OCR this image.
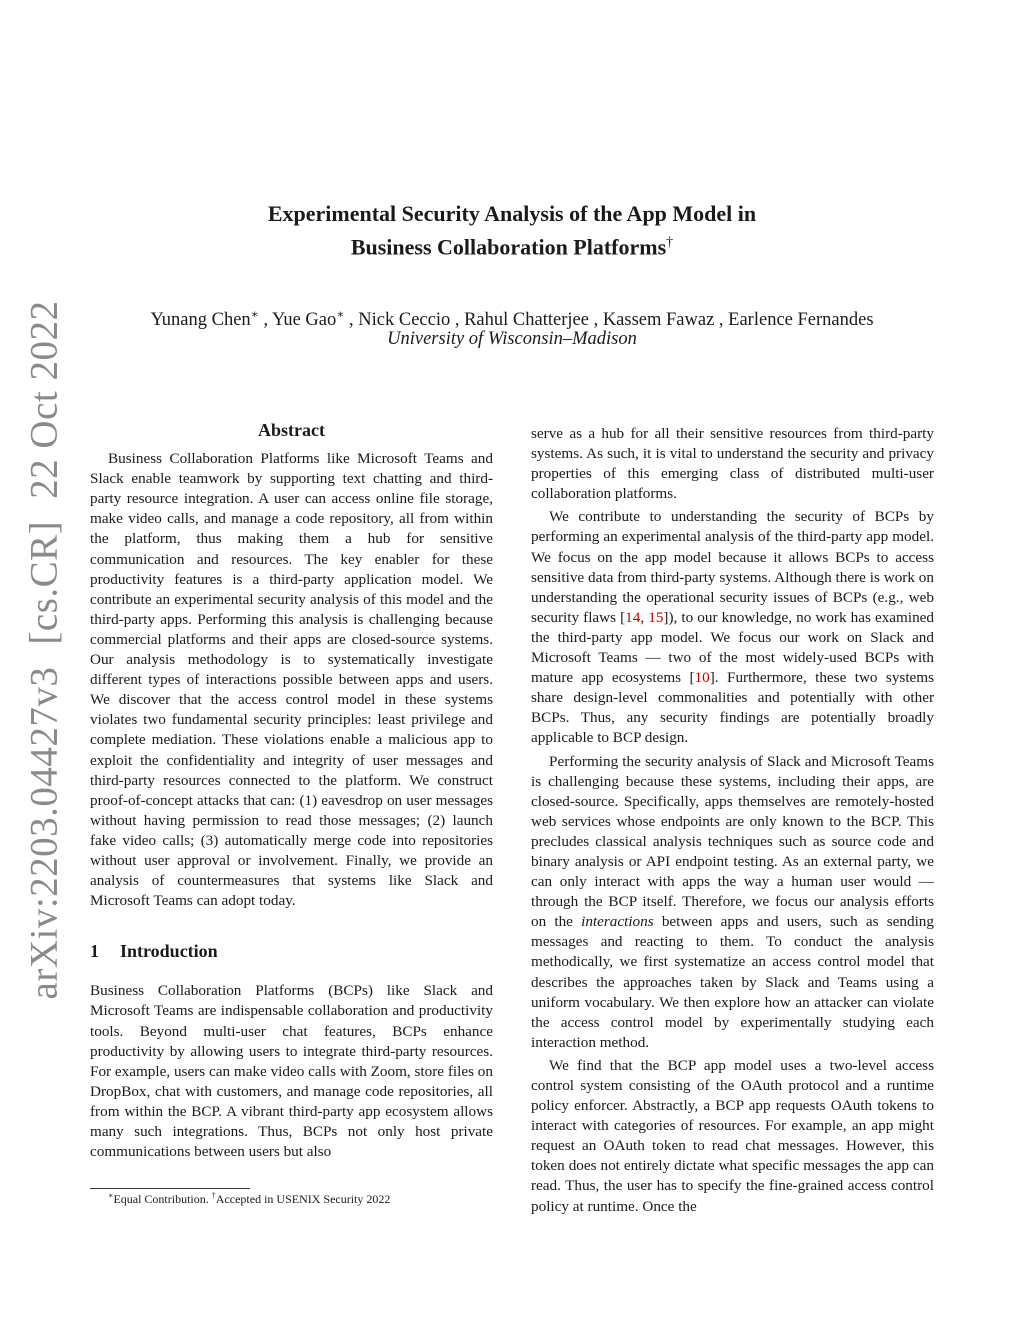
arXiv:2203.04427v3[cs.CR]22 Oct 2022
Experimental Security Analysis of the App Model in
Business Collaboration Platforms†
Yunang Chen∗ , Yue Gao∗ , Nick Ceccio , Rahul Chatterjee , Kassem Fawaz , Earlence Fernandes
University of Wisconsin–Madison
Abstract

Business Collaboration Platforms like Microsoft Teams and Slack enable teamwork by supporting text chatting and third-party resource integration. A user can access online file storage, make video calls, and manage a code repository, all from within the platform, thus making them a hub for sensitive communication and resources. The key enabler for these productivity features is a third-party application model. We contribute an experimental security analysis of this model and the third-party apps. Performing this analysis is challenging because commercial platforms and their apps are closed-source systems. Our analysis methodology is to systematically investigate different types of interactions possible between apps and users. We discover that the access control model in these systems violates two fundamental security principles: least privilege and complete mediation. These violations enable a malicious app to exploit the confidentiality and integrity of user messages and third-party resources connected to the platform. We construct proof-of-concept attacks that can: (1) eavesdrop on user messages without having permission to read those messages; (2) launch fake video calls; (3) automatically merge code into repositories without user approval or involvement. Finally, we provide an analysis of countermeasures that systems like Slack and Microsoft Teams can adopt today.

1 Introduction

Business Collaboration Platforms (BCPs) like Slack and Microsoft Teams are indispensable collaboration and productivity tools. Beyond multi-user chat features, BCPs enhance productivity by allowing users to integrate third-party resources. For example, users can make video calls with Zoom, store files on DropBox, chat with customers, and manage code repositories, all from within the BCP. A vibrant third-party app ecosystem allows many such integrations. Thus, BCPs not only host private communications between users but also

∗Equal Contribution. †Accepted in USENIX Security 2022

serve as a hub for all their sensitive resources from third-party systems. As such, it is vital to understand the security and privacy properties of this emerging class of distributed multi-user collaboration platforms.

We contribute to understanding the security of BCPs by performing an experimental analysis of the third-party app model. We focus on the app model because it allows BCPs to access sensitive data from third-party systems. Although there is work on understanding the operational security issues of BCPs (e.g., web security flaws [14, 15]), to our knowledge, no work has examined the third-party app model. We focus our work on Slack and Microsoft Teams — two of the most widely-used BCPs with mature app ecosystems [10]. Furthermore, these two systems share design-level commonalities and potentially with other BCPs. Thus, any security findings are potentially broadly applicable to BCP design.

Performing the security analysis of Slack and Microsoft Teams is challenging because these systems, including their apps, are closed-source. Specifically, apps themselves are remotely-hosted web services whose endpoints are only known to the BCP. This precludes classical analysis techniques such as source code and binary analysis or API endpoint testing. As an external party, we can only interact with apps the way a human user would — through the BCP itself. Therefore, we focus our analysis efforts on the interactions between apps and users, such as sending messages and reacting to them. To conduct the analysis methodically, we first systematize an access control model that describes the approaches taken by Slack and Teams using a uniform vocabulary. We then explore how an attacker can violate the access control model by experimentally studying each interaction method.

We find that the BCP app model uses a two-level access control system consisting of the OAuth protocol and a runtime policy enforcer. Abstractly, a BCP app requests OAuth tokens to interact with categories of resources. For example, an app might request an OAuth token to read chat messages. However, this token does not entirely dictate what specific messages the app can read. Thus, the user has to specify the fine-grained access control policy at runtime. Once the
